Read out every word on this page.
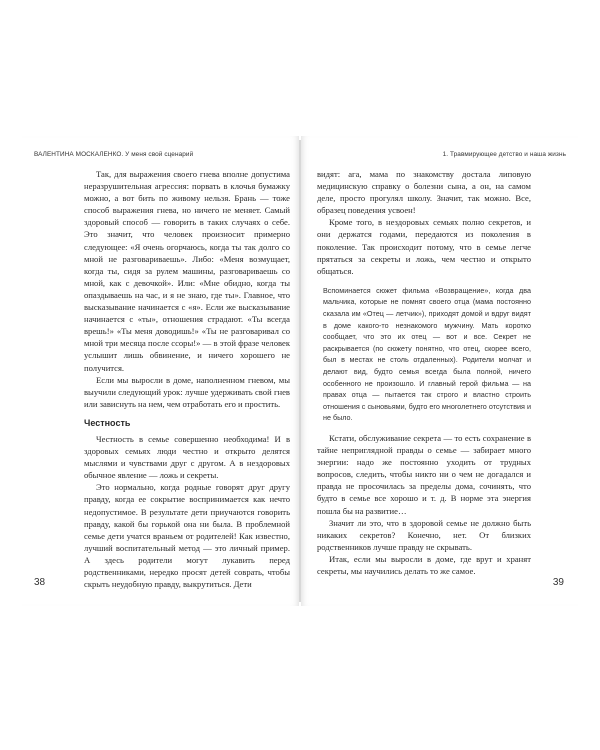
ВАЛЕНТИНА МОСКАЛЕНКО. У меня свой сценарий

Так, для выражения своего гнева вполне допустима неразрушительная агрессия: порвать в клочья бумажку можно, а вот бить по живому нельзя. Брань — тоже способ выражения гнева, но ничего не меняет. Самый здоровый способ — говорить в таких случаях о себе. Это значит, что человек произносит примерно следующее: «Я очень огорчаюсь, когда ты так долго со мной не разговариваешь». Либо: «Меня возмущает, когда ты, сидя за рулем машины, разговариваешь со мной, как с девочкой». Или: «Мне обидно, когда ты опаздываешь на час, и я не знаю, где ты». Главное, что высказывание начинается с «я». Если же высказывание начинается с «ты», отношения страдают. «Ты всегда врешь!» «Ты меня доводишь!» «Ты не разговаривал со мной три месяца после ссоры!» — в этой фразе человек услышит лишь обвинение, и ничего хорошего не получится.

Если мы выросли в доме, наполненном гневом, мы выучили следующий урок: лучше удерживать свой гнев или зависнуть на нем, чем отработать его и простить.

Честность

Честность в семье совершенно необходима! И в здоровых семьях люди честно и открыто делятся мыслями и чувствами друг с другом. А в нездоровых обычное явление — ложь и секреты.

Это нормально, когда родные говорят друг другу правду, когда ее сокрытие воспринимается как нечто недопустимое. В результате дети приучаются говорить правду, какой бы горькой она ни была. В проблемной семье дети учатся враньем от родителей! Как известно, лучший воспитательный метод — это личный пример. А здесь родители могут лукавить перед родственниками, нередко просят детей соврать, чтобы скрыть неудобную правду, выкрутиться. Дети

38
1. Травмирующее детство и наша жизнь

видят: ага, мама по знакомству достала липовую медицинскую справку о болезни сына, а он, на самом деле, просто прогулял школу. Значит, так можно. Все, образец поведения усвоен!

Кроме того, в нездоровых семьях полно секретов, и они держатся годами, передаются из поколения в поколение. Так происходит потому, что в семье легче прятаться за секреты и ложь, чем честно и открыто общаться.

Вспоминается сюжет фильма «Возвращение», когда два мальчика, которые не помнят своего отца (мама постоянно сказала им «Отец — летчик»), приходят домой и вдруг видят в доме какого-то незнакомого мужчину. Мать коротко сообщает, что это их отец — вот и все. Секрет не раскрывается (по сюжету понятно, что отец, скорее всего, был в местах не столь отдаленных). Родители молчат и делают вид, будто семья всегда была полной, ничего особенного не произошло. И главный герой фильма — на правах отца — пытается так строго и властно строить отношения с сыновьями, будто его многолетнего отсутствия и не было.

Кстати, обслуживание секрета — то есть сохранение в тайне неприглядной правды о семье — забирает много энергии: надо же постоянно уходить от трудных вопросов, следить, чтобы никто ни о чем не догадался и правда не просочилась за пределы дома, сочинять, что будто в семье все хорошо и т. д. В норме эта энергия пошла бы на развитие…

Значит ли это, что в здоровой семье не должно быть никаких секретов? Конечно, нет. От близких родственников лучше правду не скрывать.

Итак, если мы выросли в доме, где врут и хранят секреты, мы научились делать то же самое.

39
